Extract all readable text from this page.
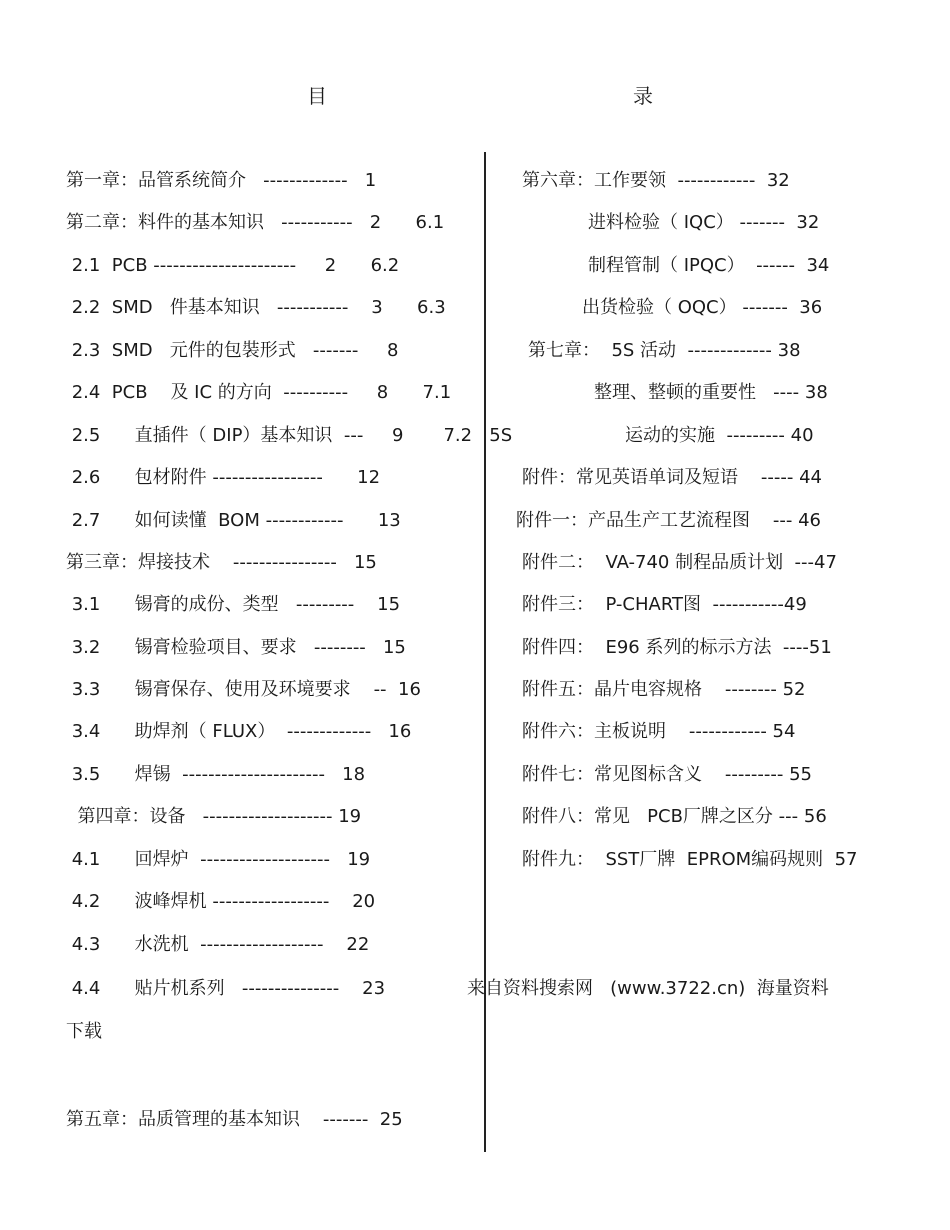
目	录
第一章：品管系统简介   -------------   1
第二章：料件的基本知识   -----------   2      6.1
2.1  PCB ----------------------     2      6.2
2.2  SMD   件基本知识   -----------    3      6.3
2.3  SMD   元件的包裝形式   -------     8
2.4  PCB    及 IC 的方向  ----------     8      7.1
2.5      直插件（ DIP）基本知识  ---     9       7.2   5S
2.6      包材附件 -----------------      12
2.7      如何读懂  BOM ------------      13
第三章：焊接技术    ----------------   15
3.1      锡膏的成份、类型   ---------    15
3.2      锡膏检验项目、要求   --------   15
3.3      锡膏保存、使用及环境要求    --  16
3.4      助焊剂（ FLUX）  -------------   16
3.5      焊锡  ----------------------   18
第四章：设备   -------------------- 19
4.1      回焊炉  --------------------   19
4.2      波峰焊机 ------------------    20
4.3      水洗机  -------------------    22
4.4      贴片机系列   ---------------    23
下载
第五章：品质管理的基本知识    -------  25
第六章：工作要领  ------------  32
进料检验（ IQC） -------  32
制程管制（ IPQC）  ------  34
出货检验（ OQC） -------  36
第七章：  5S 活动  ------------- 38
整理、整顿的重要性   ---- 38
运动的实施  --------- 40
附件：常见英语单词及短语    ----- 44
附件一：产品生产工艺流程图    --- 46
附件二：  VA-740 制程品质计划  ---47
附件三：  P-CHART图  -----------49
附件四：  E96 系列的标示方法  ----51
附件五：晶片电容规格    -------- 52
附件六：主板说明    ------------ 54
附件七：常见图标含义    --------- 55
附件八：常见   PCB厂牌之区分 --- 56
附件九：  SST厂牌  EPROM编码规则  57
来自资料搜索网   (www.3722.cn)  海量资料
